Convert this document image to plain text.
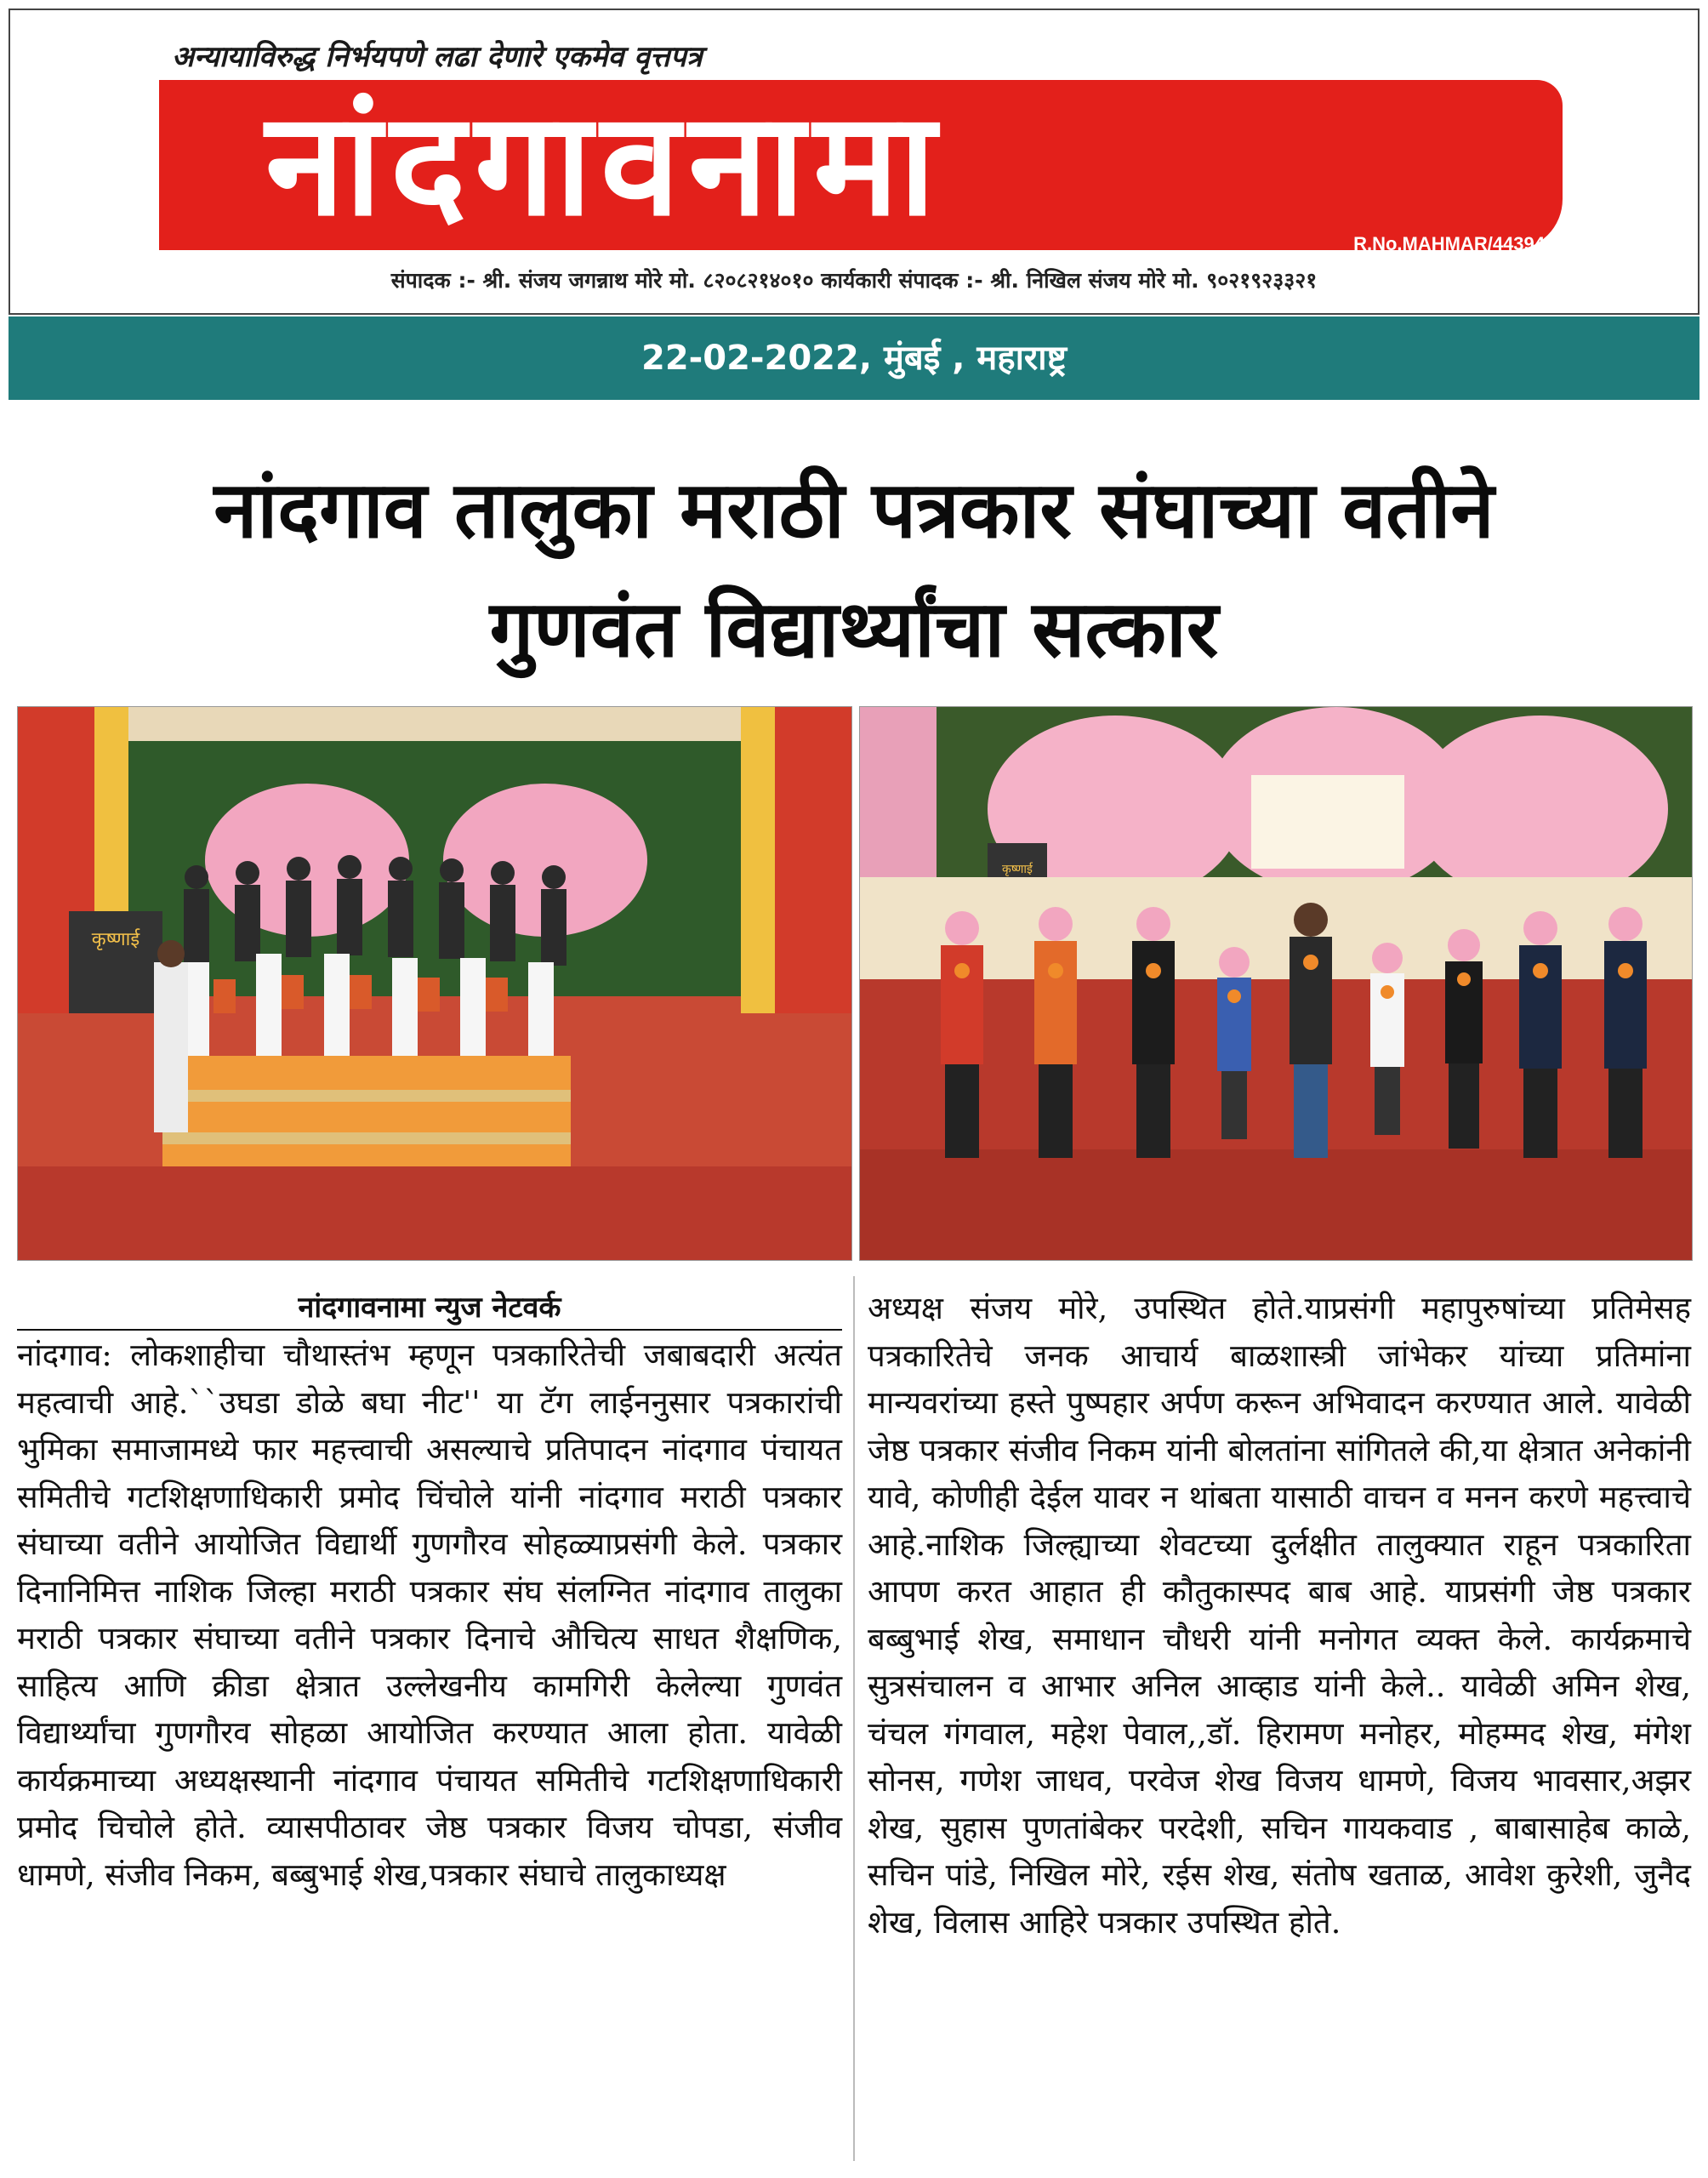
अन्यायाविरुद्ध निर्भयपणे लढा देणारे एकमेव वृत्तपत्र
नांदगावनामा	R.No.MAHMAR/44394
संपादक :- श्री. संजय जगन्नाथ मोरे मो. ८२०८२१४०१० कार्यकारी संपादक :- श्री. निखिल संजय मोरे मो. ९०२१९२३३२१
22-02-2022, मुंबई , महाराष्ट्र
नांदगाव तालुका मराठी पत्रकार संघाच्या वतीने
गुणवंत विद्यार्थ्यांचा सत्कार
कृष्णाई
कृष्णाई
नांदगावनामा न्युज नेटवर्क
नांदगाव: लोकशाहीचा चौथास्तंभ म्हणून पत्रकारितेची जबाबदारी अत्यंत महत्वाची आहे.``उघडा डोळे बघा नीट'' या टॅग लाईननुसार पत्रकारांची भुमिका समाजामध्ये फार महत्त्वाची असल्याचे प्रतिपादन नांदगाव पंचायत समितीचे गटशिक्षणाधिकारी प्रमोद चिंचोले यांनी नांदगाव मराठी पत्रकार संघाच्या वतीने आयोजित विद्यार्थी गुणगौरव सोहळ्याप्रसंगी केले. पत्रकार दिनानिमित्त नाशिक जिल्हा मराठी पत्रकार संघ संलग्नित नांदगाव तालुका मराठी पत्रकार संघाच्या वतीने पत्रकार दिनाचे औचित्य साधत शैक्षणिक, साहित्य आणि क्रीडा क्षेत्रात उल्लेखनीय कामगिरी केलेल्या गुणवंत विद्यार्थ्यांचा गुणगौरव सोहळा आयोजित करण्यात आला होता. यावेळी कार्यक्रमाच्या अध्यक्षस्थानी नांदगाव पंचायत समितीचे गटशिक्षणाधिकारी प्रमोद चिचोले होते. व्यासपीठावर जेष्ठ पत्रकार विजय चोपडा, संजीव धामणे, संजीव निकम, बब्बुभाई शेख,पत्रकार संघाचे तालुकाध्यक्ष
अध्यक्ष संजय मोरे, उपस्थित होते.याप्रसंगी महापुरुषांच्या प्रतिमेसह पत्रकारितेचे जनक आचार्य बाळशास्त्री जांभेकर यांच्या प्रतिमांना मान्यवरांच्या हस्ते पुष्पहार अर्पण करून अभिवादन करण्यात आले. यावेळी जेष्ठ पत्रकार संजीव निकम यांनी बोलतांना सांगितले की,या क्षेत्रात अनेकांनी यावे, कोणीही देईल यावर न थांबता यासाठी वाचन व मनन करणे महत्त्वाचे आहे.नाशिक जिल्ह्याच्या शेवटच्या दुर्लक्षीत तालुक्यात राहून पत्रकारिता आपण करत आहात ही कौतुकास्पद बाब आहे. याप्रसंगी जेष्ठ पत्रकार बब्बुभाई शेख, समाधान चौधरी यांनी मनोगत व्यक्त केले. कार्यक्रमाचे सुत्रसंचालन व आभार अनिल आव्हाड यांनी केले.. यावेळी अमिन शेख, चंचल गंगवाल, महेश पेवाल,,डॉ. हिरामण मनोहर, मोहम्मद शेख, मंगेश सोनस, गणेश जाधव, परवेज शेख विजय धामणे, विजय भावसार,अझर शेख, सुहास पुणतांबेकर परदेशी, सचिन गायकवाड , बाबासाहेब काळे, सचिन पांडे, निखिल मोरे, रईस शेख, संतोष खताळ, आवेश कुरेशी, जुनैद शेख, विलास आहिरे पत्रकार उपस्थित होते.
